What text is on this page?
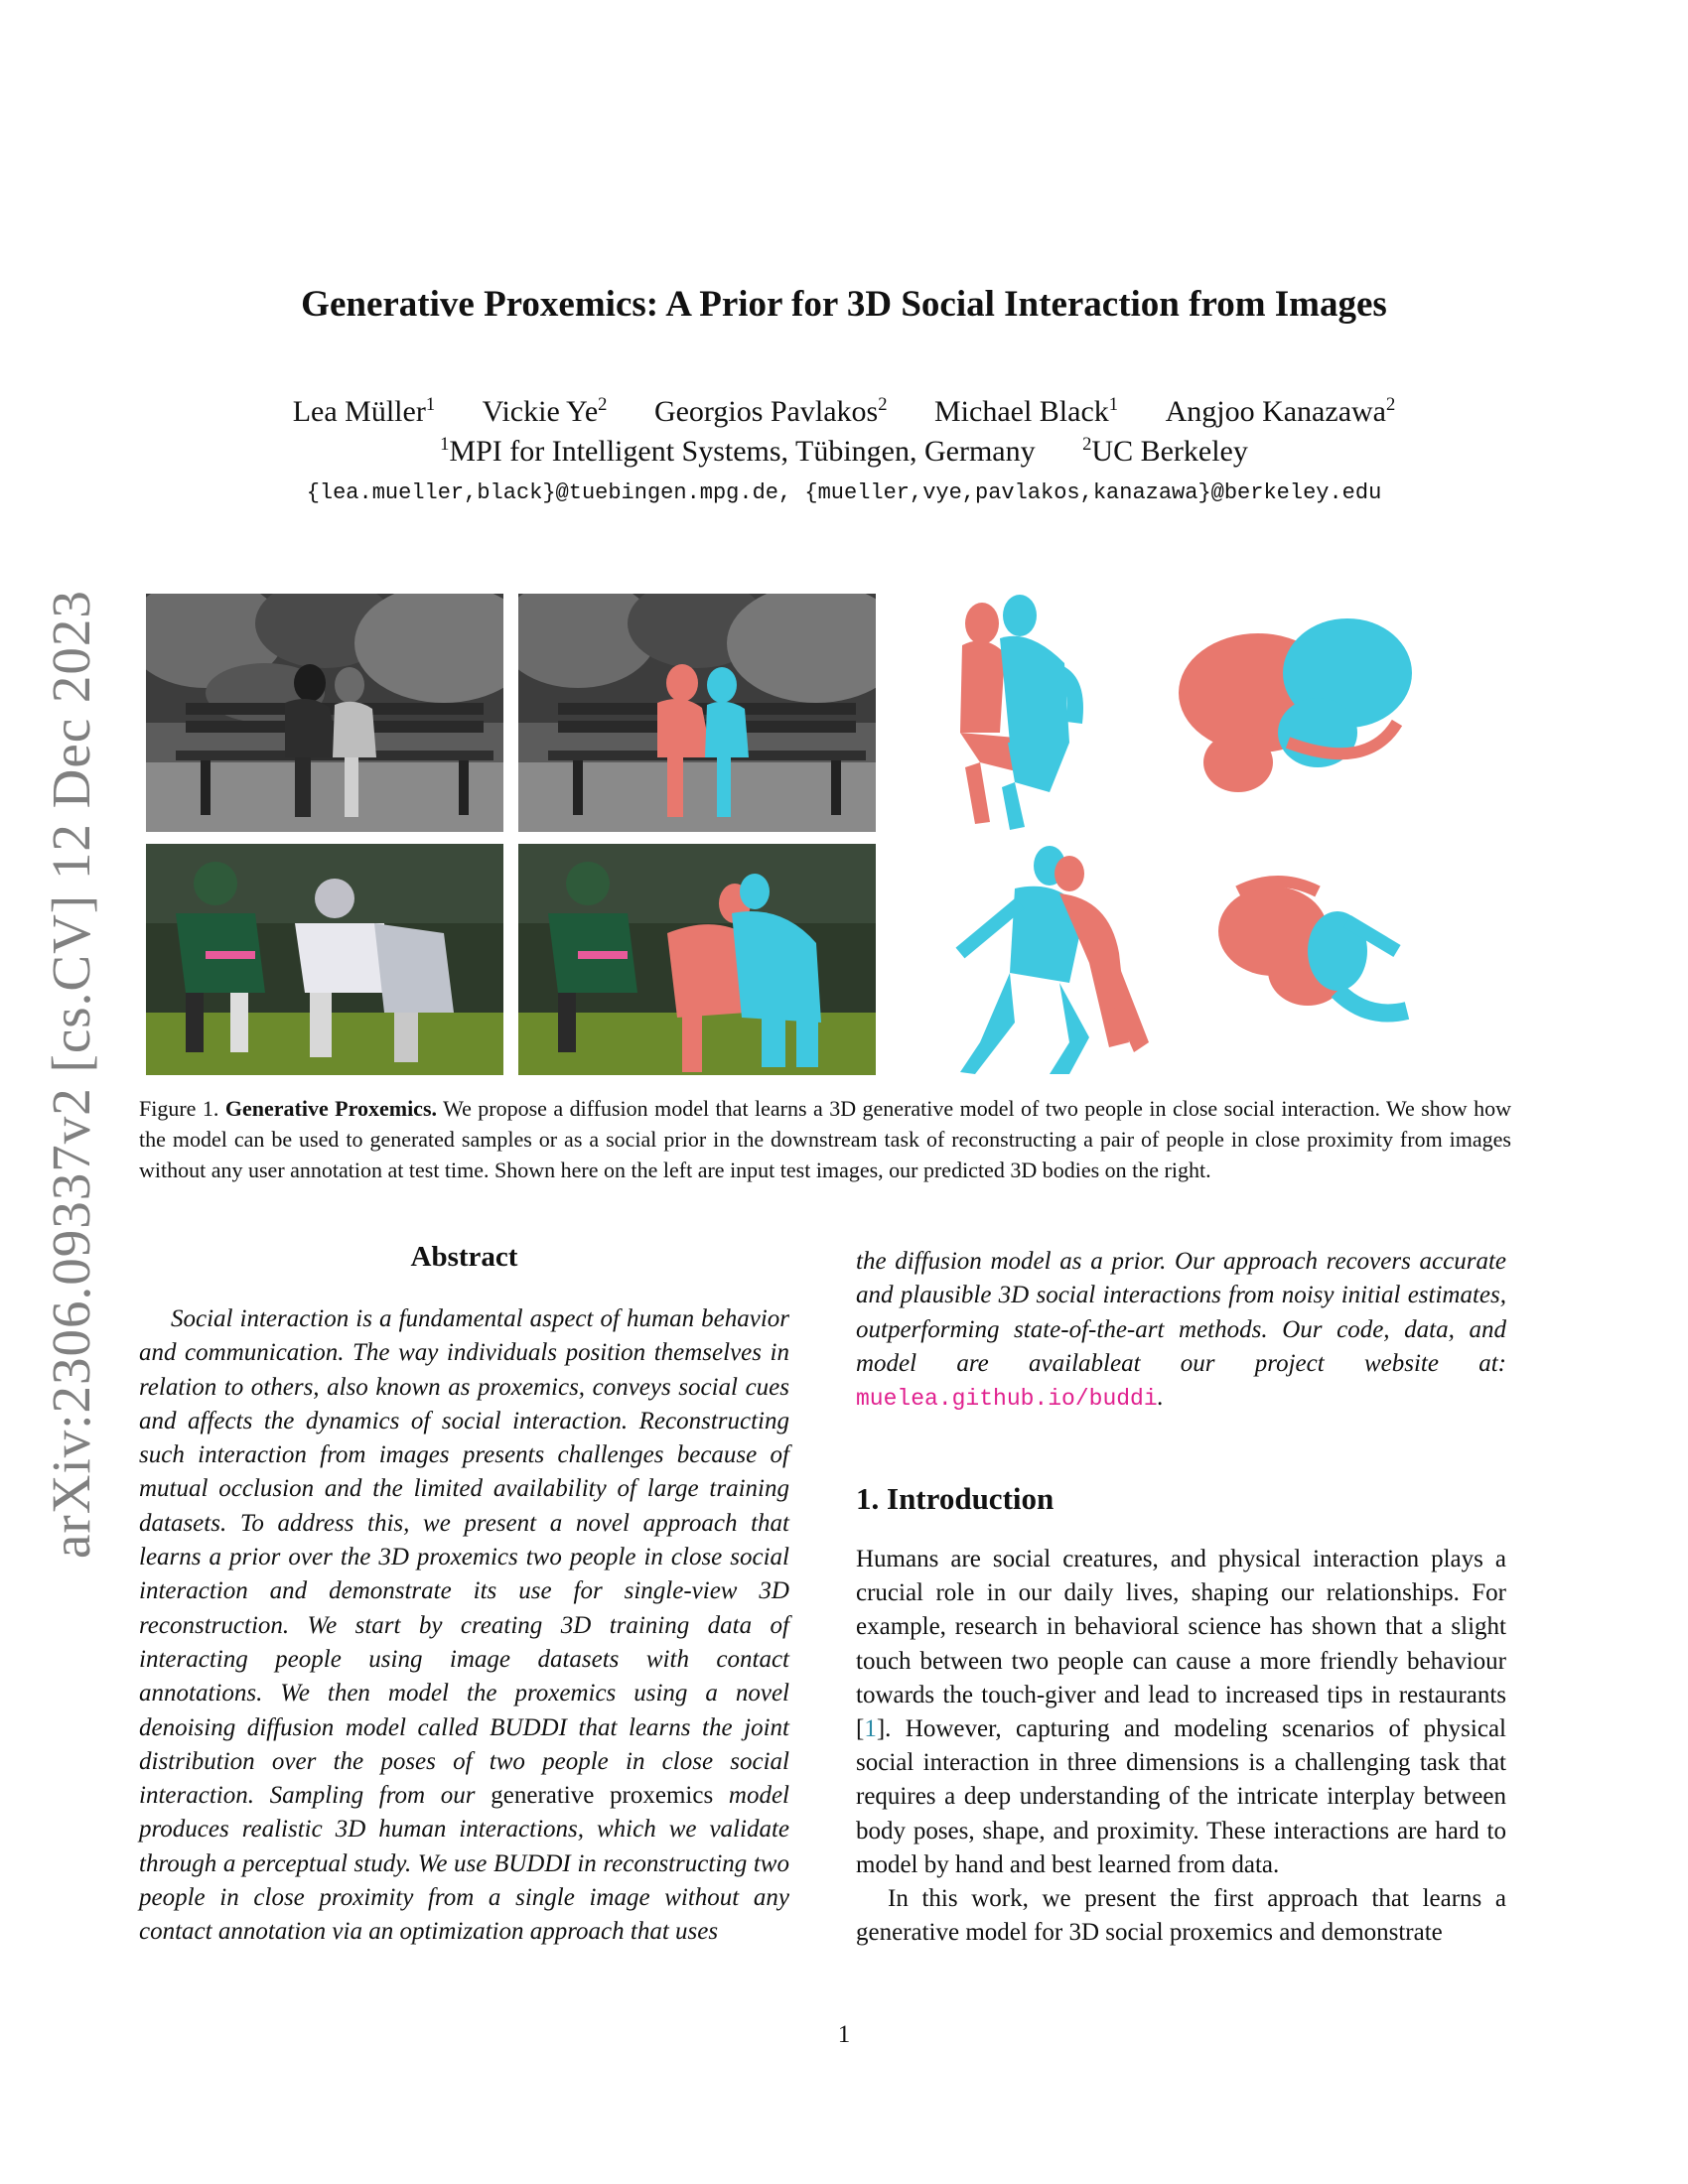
arXiv:2306.09337v2 [cs.CV] 12 Dec 2023
Generative Proxemics: A Prior for 3D Social Interaction from Images
Lea Müller$^1$ Vickie Ye$^2$ Georgios Pavlakos$^2$ Michael Black$^1$ Angjoo Kanazawa$^2$
$^1$MPI for Intelligent Systems, Tübingen, Germany	$^2$UC Berkeley
{lea.mueller,black}@tuebingen.mpg.de, {mueller,vye,pavlakos,kanazawa}@berkeley.edu
Figure 1. Generative Proxemics. We propose a diffusion model that learns a 3D generative model of two people in close social interaction. We show how the model can be used to generated samples or as a social prior in the downstream task of reconstructing a pair of people in close proximity from images without any user annotation at test time. Shown here on the left are input test images, our predicted 3D bodies on the right.
Abstract

Social interaction is a fundamental aspect of human behavior and communication. The way individuals position themselves in relation to others, also known as proxemics, conveys social cues and affects the dynamics of social interaction. Reconstructing such interaction from images presents challenges because of mutual occlusion and the limited availability of large training datasets. To address this, we present a novel approach that learns a prior over the 3D proxemics two people in close social interaction and demonstrate its use for single-view 3D reconstruction. We start by creating 3D training data of interacting people using image datasets with contact annotations. We then model the proxemics using a novel denoising diffusion model called BUDDI that learns the joint distribution over the poses of two people in close social interaction. Sampling from our generative proxemics model produces realistic 3D human interactions, which we validate through a perceptual study. We use BUDDI in reconstructing two people in close proximity from a single image without any contact annotation via an optimization approach that uses

the diffusion model as a prior. Our approach recovers accurate and plausible 3D social interactions from noisy initial estimates, outperforming state-of-the-art methods. Our code, data, and model are availableat our project website at: muelea.github.io/buddi.

1. Introduction

Humans are social creatures, and physical interaction plays a crucial role in our daily lives, shaping our relationships. For example, research in behavioral science has shown that a slight touch between two people can cause a more friendly behaviour towards the touch-giver and lead to increased tips in restaurants [1]. However, capturing and modeling scenarios of physical social interaction in three dimensions is a challenging task that requires a deep understanding of the intricate interplay between body poses, shape, and proximity. These interactions are hard to model by hand and best learned from data.

In this work, we present the first approach that learns a generative model for 3D social proxemics and demonstrate

1
